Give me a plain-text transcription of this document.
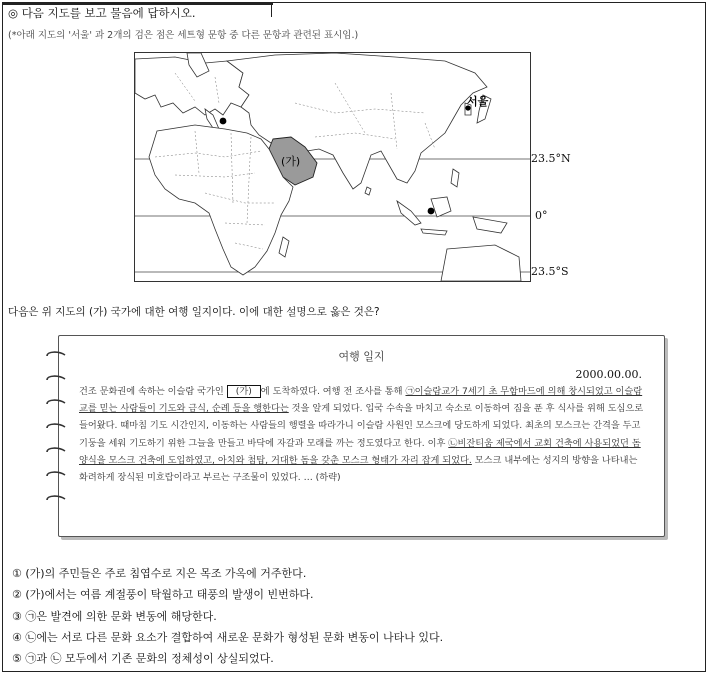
◎ 다음 지도를 보고 물음에 답하시오.
(*아래 지도의 '서울' 과 2개의 검은 점은 세트형 문항 중 다른 문항과 관련된 표시임.)
(가)
서울
23.5°N
0°
23.5°S
다음은 위 지도의 (가) 국가에 대한 여행 일지이다. 이에 대한 설명으로 옳은 것은?
여행 일지
2000.00.00.
건조 문화권에 속하는 이슬람 국가인 (가) 에 도착하였다. 여행 전 조사를 통해 ㉠이슬람교가 7세기 초 무함마드에 의해 창시되었고 이슬람교를 믿는 사람들이 기도와 금식, 순례 등을 행한다는 것을 알게 되었다. 입국 수속을 마치고 숙소로 이동하여 짐을 푼 후 식사를 위해 도심으로 들어왔다. 때마침 기도 시간인지, 이동하는 사람들의 행렬을 따라가니 이슬람 사원인 모스크에 당도하게 되었다. 최초의 모스크는 간격을 두고 기둥을 세워 기도하기 위한 그늘을 만들고 바닥에 자갈과 모래를 까는 정도였다고 한다. 이후 ㉡비잔티움 제국에서 교회 건축에 사용되었던 돔 양식을 모스크 건축에 도입하였고, 아치와 첨탑, 거대한 돔을 갖춘 모스크 형태가 자리 잡게 되었다. 모스크 내부에는 성지의 방향을 나타내는 화려하게 장식된 미흐랍이라고 부르는 구조물이 있었다. … (하략)
① (가)의 주민들은 주로 침엽수로 지은 목조 가옥에 거주한다.
② (가)에서는 여름 계절풍이 탁월하고 태풍의 발생이 빈번하다.
③ ㉠은 발견에 의한 문화 변동에 해당한다.
④ ㉡에는 서로 다른 문화 요소가 결합하여 새로운 문화가 형성된 문화 변동이 나타나 있다.
⑤ ㉠과 ㉡ 모두에서 기존 문화의 정체성이 상실되었다.
